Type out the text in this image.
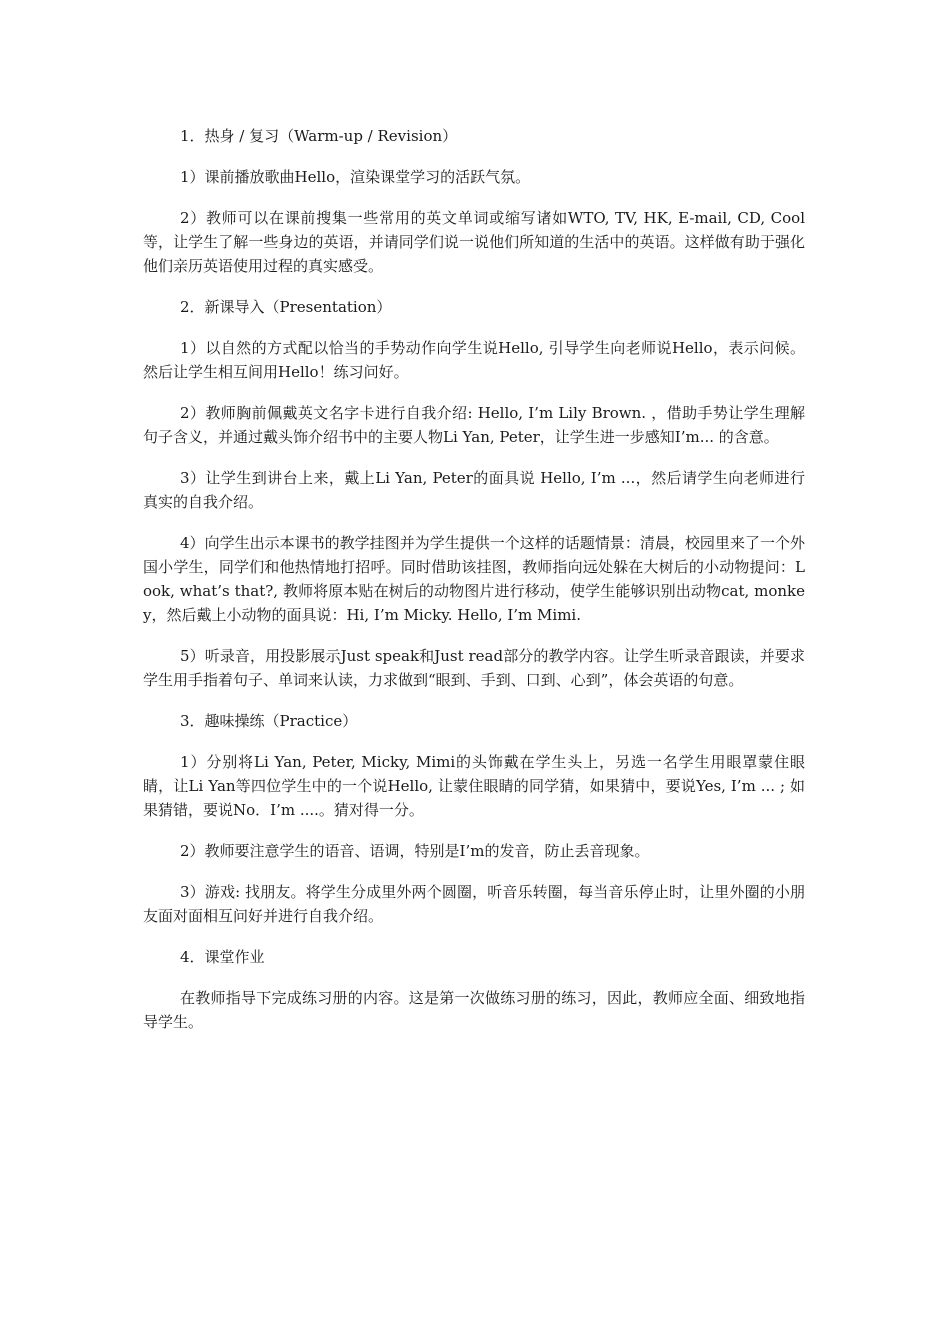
1．热身 / 复习（Warm-up / Revision）

1）课前播放歌曲Hello，渲染课堂学习的活跃气氛。

2）教师可以在课前搜集一些常用的英文单词或缩写诸如WTO, TV, HK, E-mail, CD, Cool等，让学生了解一些身边的英语，并请同学们说一说他们所知道的生活中的英语。这样做有助于强化他们亲历英语使用过程的真实感受。

2．新课导入（Presentation）

1）以自然的方式配以恰当的手势动作向学生说Hello, 引导学生向老师说Hello，表示问候。然后让学生相互间用Hello！练习问好。

2）教师胸前佩戴英文名字卡进行自我介绍: Hello, I’m Lily Brown. ，借助手势让学生理解句子含义，并通过戴头饰介绍书中的主要人物Li Yan, Peter，让学生进一步感知I’m... 的含意。

3）让学生到讲台上来，戴上Li Yan, Peter的面具说 Hello, I’m ...，然后请学生向老师进行真实的自我介绍。

4）向学生出示本课书的教学挂图并为学生提供一个这样的话题情景：清晨，校园里来了一个外国小学生，同学们和他热情地打招呼。同时借助该挂图，教师指向远处躲在大树后的小动物提问：Look, what’s that?, 教师将原本贴在树后的动物图片进行移动，使学生能够识别出动物cat, monkey，然后戴上小动物的面具说：Hi, I’m Micky. Hello, I’m Mimi.

5）听录音，用投影展示Just speak和Just read部分的教学内容。让学生听录音跟读，并要求学生用手指着句子、单词来认读，力求做到“眼到、手到、口到、心到”，体会英语的句意。

3．趣味操练（Practice）

1）分别将Li Yan, Peter, Micky, Mimi的头饰戴在学生头上，另选一名学生用眼罩蒙住眼睛，让Li Yan等四位学生中的一个说Hello, 让蒙住眼睛的同学猜，如果猜中，要说Yes, I’m ... ; 如果猜错，要说No．I’m ....。猜对得一分。

2）教师要注意学生的语音、语调，特别是I’m的发音，防止丢音现象。

3）游戏: 找朋友。将学生分成里外两个圆圈，听音乐转圈，每当音乐停止时，让里外圈的小朋友面对面相互问好并进行自我介绍。

4．课堂作业

在教师指导下完成练习册的内容。这是第一次做练习册的练习，因此，教师应全面、细致地指导学生。
